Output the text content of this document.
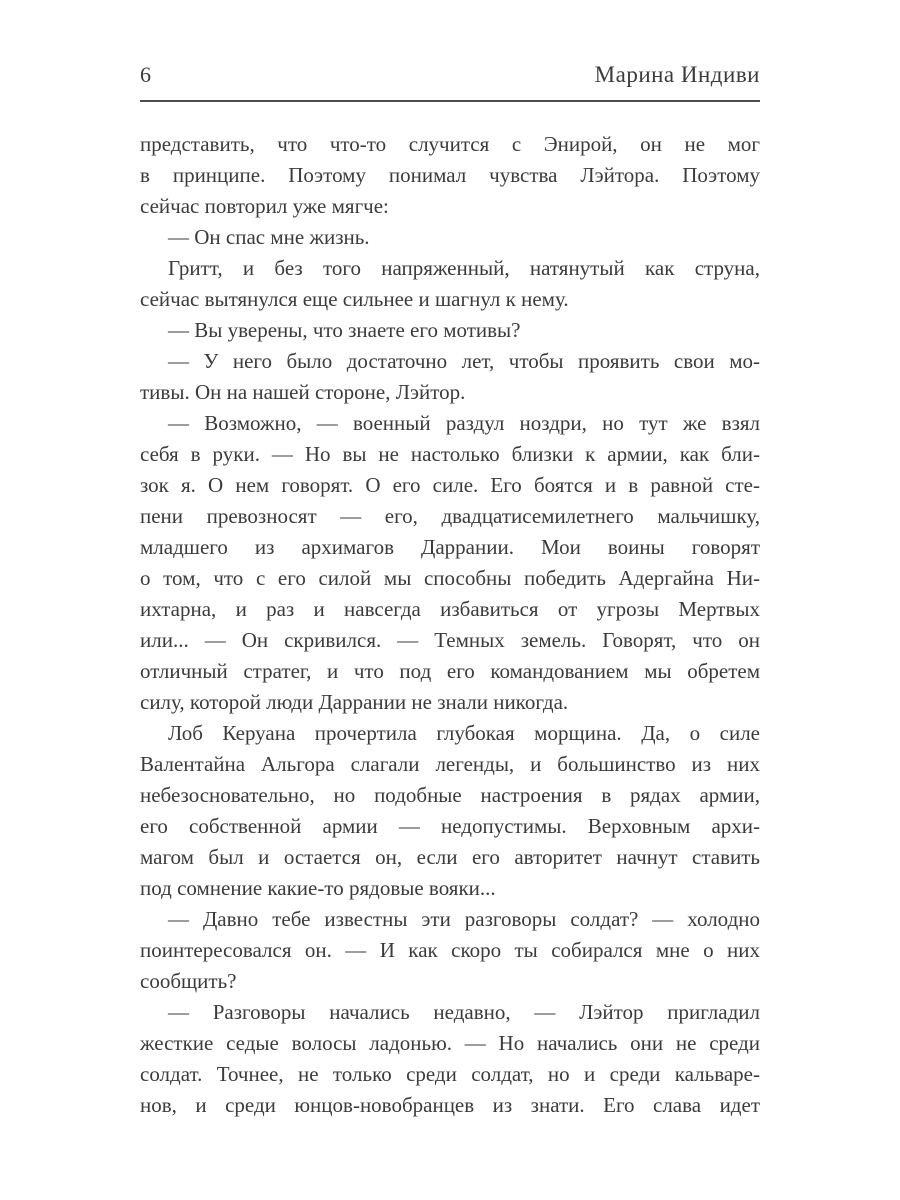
6	Марина Индиви
представить, что что-то случится с Энирой, он не мог
в принципе. Поэтому понимал чувства Лэйтора. Поэтому
сейчас повторил уже мягче:
— Он спас мне жизнь.
Гритт, и без того напряженный, натянутый как струна,
сейчас вытянулся еще сильнее и шагнул к нему.
— Вы уверены, что знаете его мотивы?
— У него было достаточно лет, чтобы проявить свои мо-
тивы. Он на нашей стороне, Лэйтор.
— Возможно, — военный раздул ноздри, но тут же взял
себя в руки. — Но вы не настолько близки к армии, как бли-
зок я. О нем говорят. О его силе. Его боятся и в равной сте-
пени превозносят — его, двадцатисемилетнего мальчишку,
младшего из архимагов Даррании. Мои воины говорят
о том, что с его силой мы способны победить Адергайна Ни-
ихтарна, и раз и навсегда избавиться от угрозы Мертвых
или... — Он скривился. — Темных земель. Говорят, что он
отличный стратег, и что под его командованием мы обретем
силу, которой люди Даррании не знали никогда.
Лоб Керуана прочертила глубокая морщина. Да, о силе
Валентайна Альгора слагали легенды, и большинство из них
небезосновательно, но подобные настроения в рядах армии,
его собственной армии — недопустимы. Верховным архи-
магом был и остается он, если его авторитет начнут ставить
под сомнение какие-то рядовые вояки...
— Давно тебе известны эти разговоры солдат? — холодно
поинтересовался он. — И как скоро ты собирался мне о них
сообщить?
— Разговоры начались недавно, — Лэйтор пригладил
жесткие седые волосы ладонью. — Но начались они не среди
солдат. Точнее, не только среди солдат, но и среди кальваре-
нов, и среди юнцов-новобранцев из знати. Его слава идет
